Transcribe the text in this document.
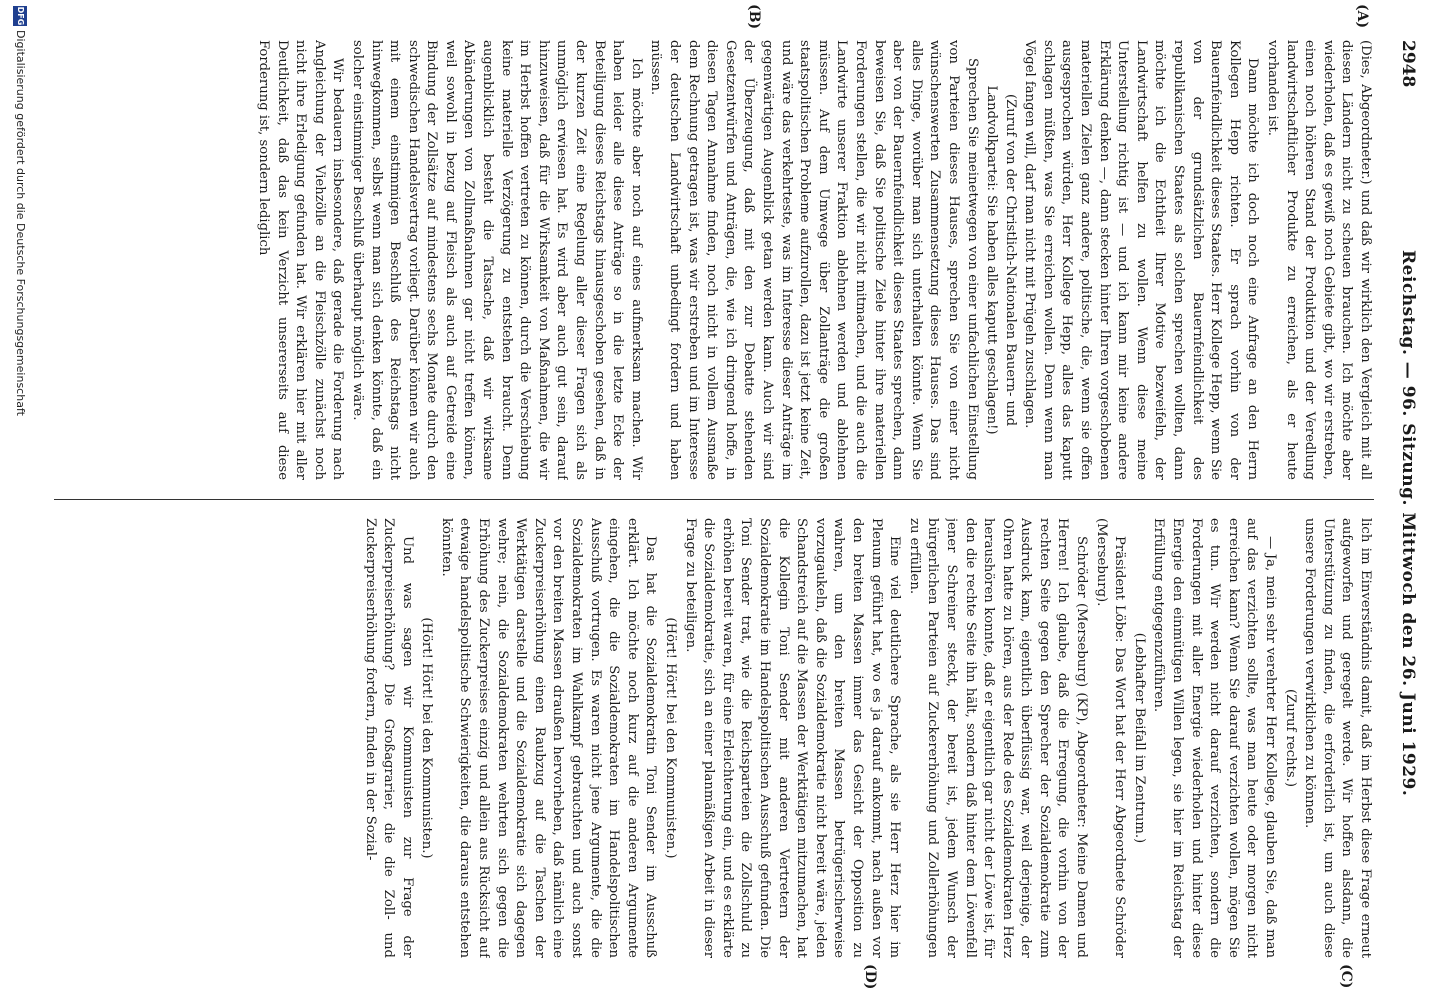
2948
Reichstag. — 96. Sitzung. Mittwoch den 26. Juni 1929.
(A)
(B)
(C)
(D)

(Dies, Abgeordneter.) und daß wir wirklich den Vergleich mit all diesen Ländern nicht zu scheuen brauchen. Ich möchte aber wiederholen, daß es gewiß noch Gebiete gibt, wo wir erstreben, einen noch höheren Stand der Produktion und der Veredlung landwirtschaftlicher Produkte zu erreichen, als er heute vorhanden ist.

Dann möchte ich doch noch eine Anfrage an den Herrn Kollegen Hepp richten. Er sprach vorhin von der Bauernfeindlichkeit dieses Staates. Herr Kollege Hepp, wenn Sie von der grundsätzlichen Bauernfeindlichkeit des republikanischen Staates als solchen sprechen wollten, dann möchte ich die Echtheit Ihrer Motive bezweifeln, der Landwirtschaft helfen zu wollen. Wenn diese meine Unterstellung richtig ist — und ich kann mir keine andere Erklärung denken —, dann stecken hinter Ihren vorgeschobenen materiellen Zielen ganz andere, politische, die, wenn sie offen ausgesprochen würden, Herr Kollege Hepp, alles das kaputt schlagen müßten, was Sie erreichen wollen. Denn wenn man Vögel fangen will, darf man nicht mit Prügeln zuschlagen.

(Zuruf von der Christlich-Nationalen Bauern- und Landvolkpartei: Sie haben alles kaputt geschlagen!)

Sprechen Sie meinetwegen von einer unfachlichen Einstellung von Parteien dieses Hauses, sprechen Sie von einer nicht wünschenswerten Zusammensetzung dieses Hauses. Das sind alles Dinge, worüber man sich unterhalten könnte. Wenn Sie aber von der Bauernfeindlichkeit dieses Staates sprechen, dann beweisen Sie, daß Sie politische Ziele hinter ihre materiellen Forderungen stellen, die wir nicht mitmachen, und die auch die Landwirte unserer Fraktion ablehnen werden und ablehnen müssen. Auf dem Umwege über Zollanträge die großen staatspolitischen Probleme aufzurollen, dazu ist jetzt keine Zeit, und wäre das verkehrteste, was im Interesse dieser Anträge im gegenwärtigen Augenblick getan werden kann. Auch wir sind der Überzeugung, daß mit den zur Debatte stehenden Gesetzentwürfen und Anträgen, die, wie ich dringend hoffe, in diesen Tagen Annahme finden, noch nicht in vollem Ausmaße dem Rechnung getragen ist, was wir erstreben und im Interesse der deutschen Landwirtschaft unbedingt fordern und haben müssen.

Ich möchte aber noch auf eines aufmerksam machen. Wir haben leider alle diese Anträge so in die letzte Ecke der Beteiligung dieses Reichstags hinausgeschoben gesehen, daß in der kurzen Zeit eine Regelung aller dieser Fragen sich als unmöglich erwiesen hat. Es wird aber auch gut sein, darauf hinzuweisen, daß für die Wirksamkeit von Maßnahmen, die wir im Herbst hoffen vertreten zu können, durch die Verschiebung keine materielle Verzögerung zu entstehen braucht. Denn augenblicklich besteht die Tatsache, daß wir wirksame Abänderungen von Zollmaßnahmen gar nicht treffen können, weil sowohl in bezug auf Fleisch als auch auf Getreide eine Bindung der Zollsätze auf mindestens sechs Monate durch den schwedischen Handelsvertrag vorliegt. Darüber können wir auch mit einem einstimmigen Beschluß des Reichstags nicht hinwegkommen, selbst wenn man sich denken könnte, daß ein solcher einstimmiger Beschluß überhaupt möglich wäre.

Wir bedauern insbesondere, daß gerade die Forderung nach Angleichung der Viehzölle an die Fleischzölle zunächst noch nicht ihre Erledigung gefunden hat. Wir erklären hier mit aller Deutlichkeit, daß das kein Verzicht unsererseits auf diese Forderung ist, sondern lediglich

lich im Einverständnis damit, daß im Herbst diese Frage erneut aufgeworfen und geregelt werde. Wir hoffen alsdann, die Unterstützung zu finden, die erforderlich ist, um auch diese unsere Forderungen verwirklichen zu können.

(Zuruf rechts.)

— Ja, mein sehr verehrter Herr Kollege, glauben Sie, daß man auf das verzichten sollte, was man heute oder morgen nicht erreichen kann? Wenn Sie darauf verzichten wollen, mögen Sie es tun. Wir werden nicht darauf verzichten, sondern die Forderungen mit aller Energie wiederholen und hinter diese Energie den einmütigen Willen legen, sie hier im Reichstag der Erfüllung entgegenzuführen.

(Lebhafter Beifall im Zentrum.)

Präsident Löbe: Das Wort hat der Herr Abgeordnete Schröder (Merseburg).

Schröder (Merseburg) (KP), Abgeordneter: Meine Damen und Herren! Ich glaube, daß die Erregung, die vorhin von der rechten Seite gegen den Sprecher der Sozialdemokratie zum Ausdruck kam, eigentlich überflüssig war, weil derjenige, der Ohren hatte zu hören, aus der Rede des Sozialdemokraten Herz heraushören konnte, daß er eigentlich gar nicht der Löwe ist, für den die rechte Seite ihn hält, sondern daß hinter dem Löwenfell jener Schreiner steckt, der bereit ist, jedem Wunsch der bürgerlichen Parteien auf Zuckererhöhung und Zollerhöhungen zu erfüllen.

Eine viel deutlichere Sprache, als sie Herr Herz hier im Plenum geführt hat, wo es ja darauf ankommt, nach außen vor den breiten Massen immer das Gesicht der Opposition zu wahren, um den breiten Massen betrügerischerweise vorzugaukeln, daß die Sozialdemokratie nicht bereit wäre, jeden Schandstreich auf die Massen der Werktätigen mitzumachen, hat die Kollegin Toni Sender mit anderen Vertretern der Sozialdemokratie im Handelspolitischen Ausschuß gefunden. Die Toni Sender trat, wie die Reichsparteien die Zollschuld zu erhöhen bereit waren, für eine Erleichterung ein, und es erklärte die Sozialdemokratie, sich an einer planmäßigen Arbeit in dieser Frage zu beteiligen.

(Hört! Hört! bei den Kommunisten.)

Das hat die Sozialdemokratin Toni Sender im Ausschuß erklärt. Ich möchte noch kurz auf die anderen Argumente eingehen, die die Sozialdemokraten im Handelspolitischen Ausschuß vortrugen. Es waren nicht jene Argumente, die die Sozialdemokraten im Wahlkampf gebrauchten und auch sonst vor den breiten Massen draußen hervorheben, daß nämlich eine Zuckerpreiserhöhung einen Raubzug auf die Taschen der Werktätigen darstelle und die Sozialdemokratie sich dagegen wehre; nein, die Sozialdemokraten wehrten sich gegen die Erhöhung des Zuckerpreises einzig und allein aus Rücksicht auf etwaige handelspolitische Schwierigkeiten, die daraus entstehen könnten.

(Hört! Hört! bei den Kommunisten.)

Und was sagen wir Kommunisten zur Frage der Zuckerpreiserhöhung? Die Großagrarier, die die Zoll- und Zuckerpreiserhöhung fordern, finden in der Sozial-

DFG
Digitalisierung gefördert durch die Deutsche Forschungsgemeinschaft
